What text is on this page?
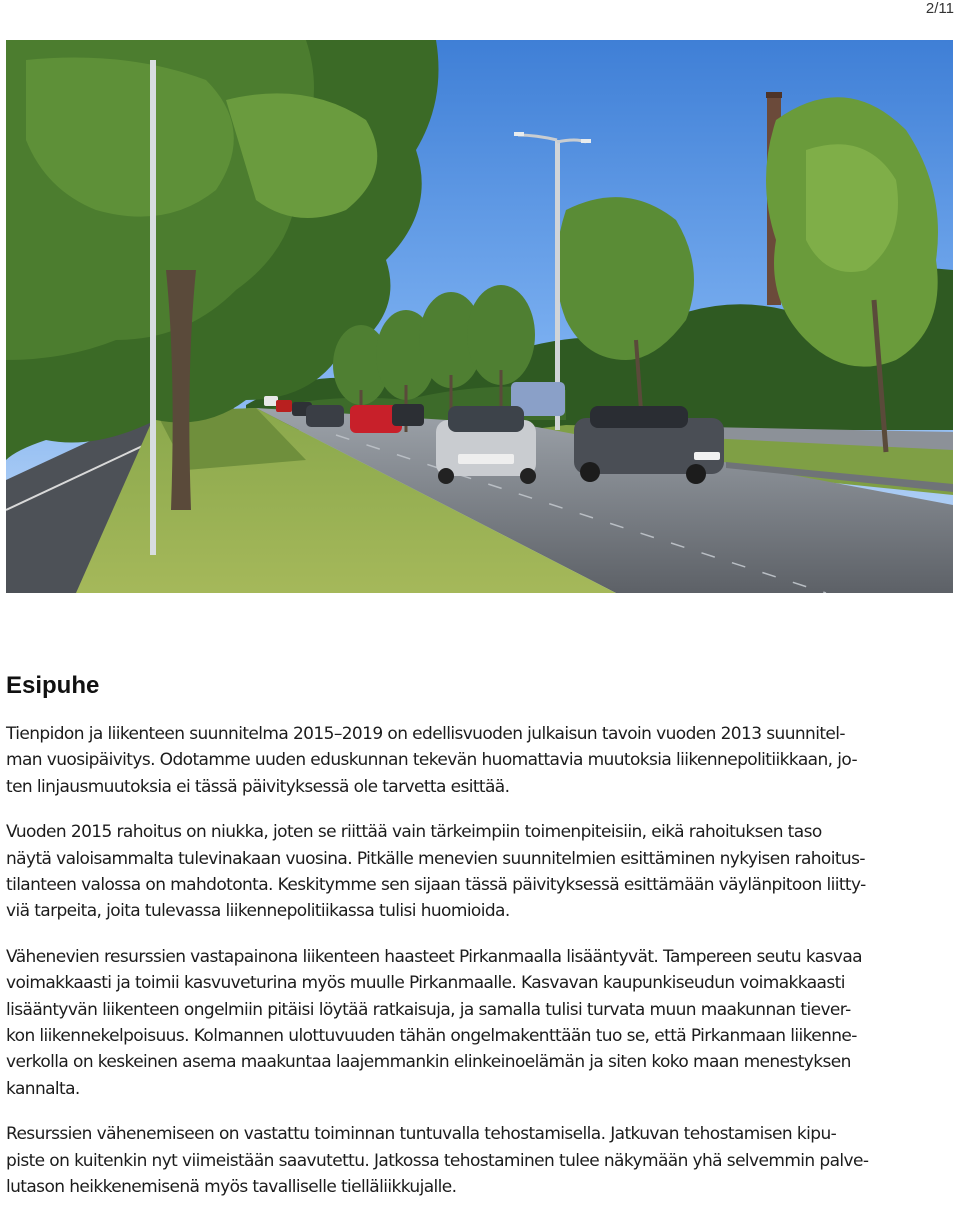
2/11
Esipuhe

Tienpidon ja liikenteen suunnitelma 2015–2019 on edellisvuoden julkaisun tavoin vuoden 2013 suunnitel-
man vuosipäivitys. Odotamme uuden eduskunnan tekevän huomattavia muutoksia liikennepolitiikkaan, jo-
ten linjausmuutoksia ei tässä päivityksessä ole tarvetta esittää.

Vuoden 2015 rahoitus on niukka, joten se riittää vain tärkeimpiin toimenpiteisiin, eikä rahoituksen taso
näytä valoisammalta tulevinakaan vuosina. Pitkälle menevien suunnitelmien esittäminen nykyisen rahoitus-
tilanteen valossa on mahdotonta. Keskitymme sen sijaan tässä päivityksessä esittämään väylänpitoon liitty-
viä tarpeita, joita tulevassa liikennepolitiikassa tulisi huomioida.

Vähenevien resurssien vastapainona liikenteen haasteet Pirkanmaalla lisääntyvät. Tampereen seutu kasvaa
voimakkaasti ja toimii kasvuveturina myös muulle Pirkanmaalle. Kasvavan kaupunkiseudun voimakkaasti
lisääntyvän liikenteen ongelmiin pitäisi löytää ratkaisuja, ja samalla tulisi turvata muun maakunnan tiever-
kon liikennekelpoisuus. Kolmannen ulottuvuuden tähän ongelmakenttään tuo se, että Pirkanmaan liikenne-
verkolla on keskeinen asema maakuntaa laajemmankin elinkeinoelämän ja siten koko maan menestyksen
kannalta.

Resurssien vähenemiseen on vastattu toiminnan tuntuvalla tehostamisella. Jatkuvan tehostamisen kipu-
piste on kuitenkin nyt viimeistään saavutettu. Jatkossa tehostaminen tulee näkymään yhä selvemmin palve-
lutason heikkenemisenä myös tavalliselle tielläliikkujalle.
